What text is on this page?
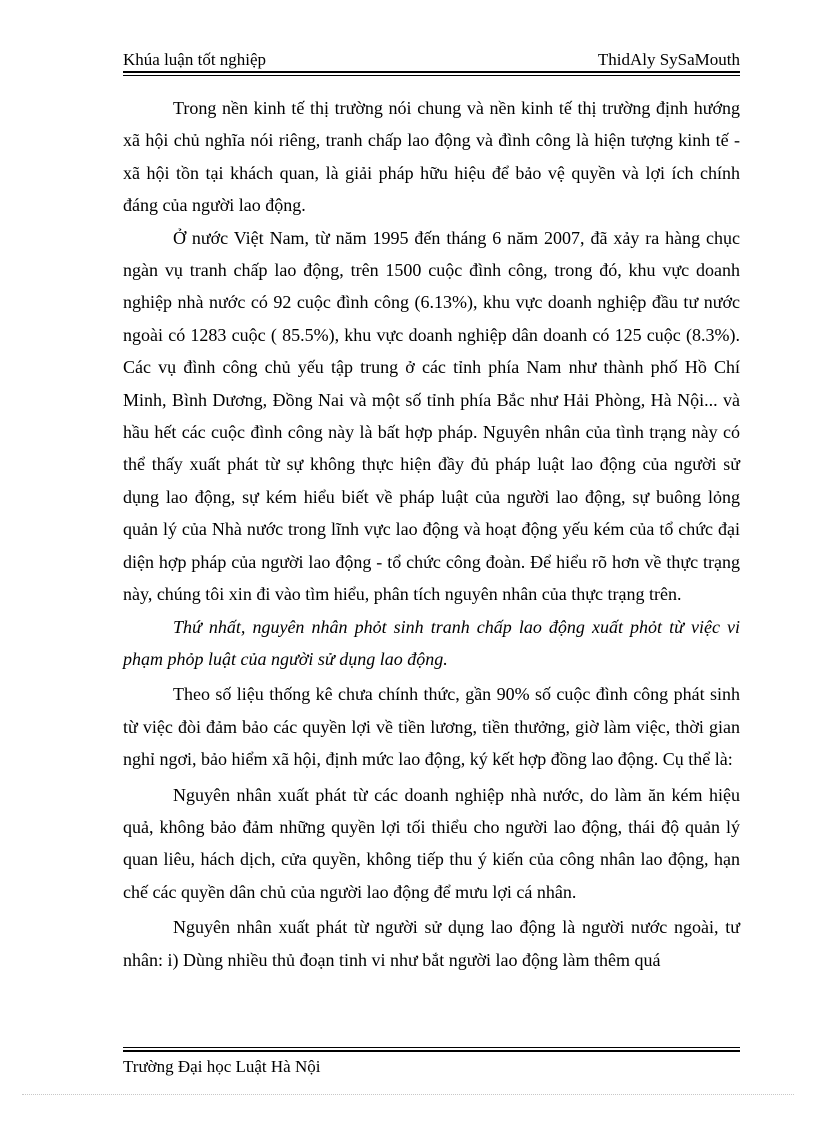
Khúa luận tốt nghiệp	ThidAly SySaMouth

Trong nền kinh tế thị trường nói chung và nền kinh tế thị trường định hướng xã hội chủ nghĩa nói riêng, tranh chấp lao động và đình công là hiện tượng kinh tế - xã hội tồn tại khách quan, là giải pháp hữu hiệu để bảo vệ quyền và lợi ích chính đáng của người lao động.

Ở nước Việt Nam, từ năm 1995 đến tháng 6 năm 2007, đã xảy ra hàng chục ngàn vụ tranh chấp lao động, trên 1500 cuộc đình công, trong đó, khu vực doanh nghiệp nhà nước có 92 cuộc đình công (6.13%), khu vực doanh nghiệp đầu tư nước ngoài có 1283 cuộc ( 85.5%), khu vực doanh nghiệp dân doanh có 125 cuộc (8.3%). Các vụ đình công chủ yếu tập trung ở các tỉnh phía Nam như thành phố Hồ Chí Minh, Bình Dương, Đồng Nai và một số tỉnh phía Bắc như Hải Phòng, Hà Nội... và hầu hết các cuộc đình công này là bất hợp pháp. Nguyên nhân của tình trạng này có thể thấy xuất phát từ sự không thực hiện đầy đủ pháp luật lao động của người sử dụng lao động, sự kém hiểu biết về pháp luật của người lao động, sự buông lỏng quản lý của Nhà nước trong lĩnh vực lao động và hoạt động yếu kém của tổ chức đại diện hợp pháp của người lao động - tổ chức công đoàn. Để hiểu rõ hơn về thực trạng này, chúng tôi xin đi vào tìm hiểu, phân tích nguyên nhân của thực trạng trên.

Thứ nhất, nguyên nhân phỏt sinh tranh chấp lao động xuất phỏt từ việc vi phạm phỏp luật của người sử dụng lao động.

Theo số liệu thống kê chưa chính thức, gần 90% số cuộc đình công phát sinh từ việc đòi đảm bảo các quyền lợi về tiền lương, tiền thưởng, giờ làm việc, thời gian nghỉ ngơi, bảo hiểm xã hội, định mức lao động, ký kết hợp đồng lao động. Cụ thể là:

Nguyên nhân xuất phát từ các doanh nghiệp nhà nước, do làm ăn kém hiệu quả, không bảo đảm những quyền lợi tối thiểu cho người lao động, thái độ quản lý quan liêu, hách dịch, cửa quyền, không tiếp thu ý kiến của công nhân lao động, hạn chế các quyền dân chủ của người lao động để mưu lợi cá nhân.

Nguyên nhân xuất phát từ người sử dụng lao động là người nước ngoài, tư nhân: i) Dùng nhiều thủ đoạn tinh vi như bắt người lao động làm thêm quá

Trường Đại học Luật Hà Nội
